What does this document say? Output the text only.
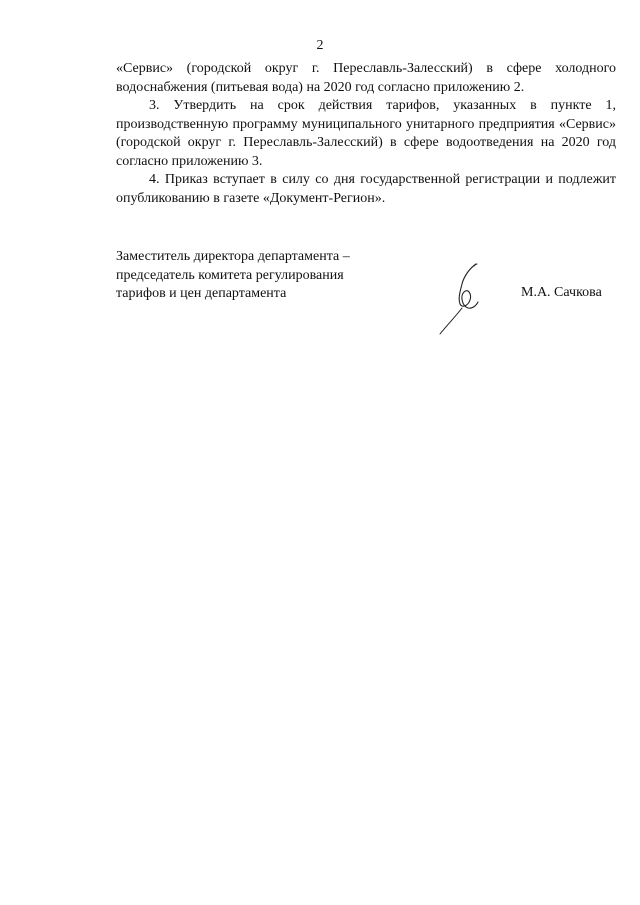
2

«Сервис» (городской округ г. Переславль-Залесский) в сфере холодного водоснабжения (питьевая вода) на 2020 год согласно приложению 2.

3. Утвердить на срок действия тарифов, указанных в пункте 1, производственную программу муниципального унитарного предприятия «Сервис» (городской округ г. Переславль-Залесский) в сфере водоотведения на 2020 год согласно приложению 3.

4. Приказ вступает в силу со дня государственной регистрации и подлежит опубликованию в газете «Документ-Регион».

Заместитель директора департамента –
председатель комитета регулирования
тарифов и цен департамента	М.А. Сачкова
